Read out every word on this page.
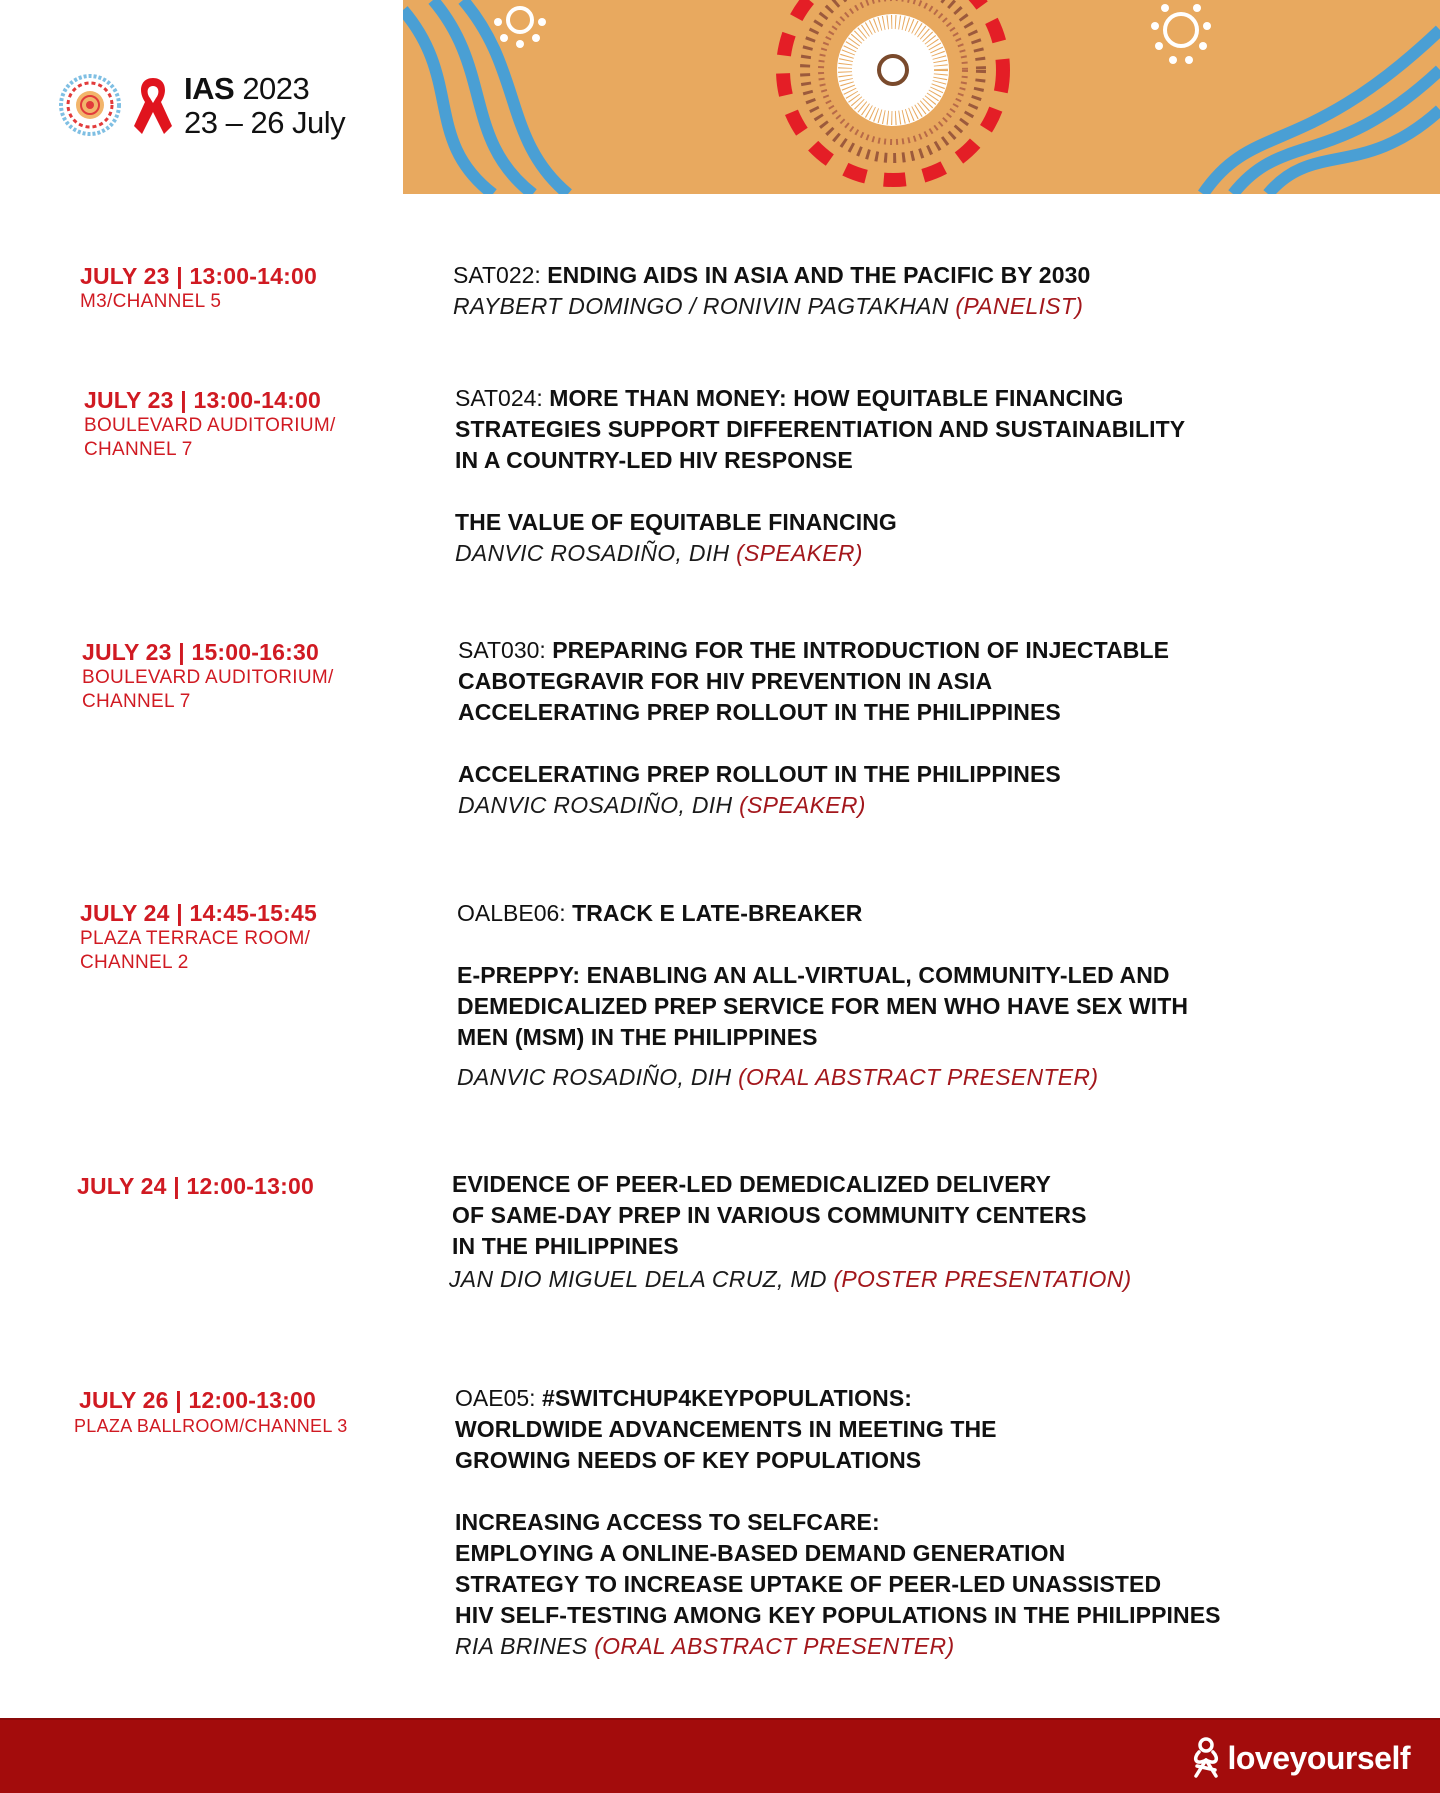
IAS 2023
23 – 26 July
JULY 23 | 13:00-14:00
M3/CHANNEL 5
SAT022: ENDING AIDS IN ASIA AND THE PACIFIC BY 2030
RAYBERT DOMINGO / RONIVIN PAGTAKHAN (PANELIST)
JULY 23 | 13:00-14:00
BOULEVARD AUDITORIUM/
CHANNEL 7
SAT024: MORE THAN MONEY: HOW EQUITABLE FINANCING
STRATEGIES SUPPORT DIFFERENTIATION AND SUSTAINABILITY
IN A COUNTRY-LED HIV RESPONSE
THE VALUE OF EQUITABLE FINANCING
DANVIC ROSADIÑO, DIH (SPEAKER)
JULY 23 | 15:00-16:30
BOULEVARD AUDITORIUM/
CHANNEL 7
SAT030: PREPARING FOR THE INTRODUCTION OF INJECTABLE
CABOTEGRAVIR FOR HIV PREVENTION IN ASIA
ACCELERATING PREP ROLLOUT IN THE PHILIPPINES
ACCELERATING PREP ROLLOUT IN THE PHILIPPINES
DANVIC ROSADIÑO, DIH (SPEAKER)
JULY 24 | 14:45-15:45
PLAZA TERRACE ROOM/
CHANNEL 2
OALBE06: TRACK E LATE-BREAKER
E-PREPPY: ENABLING AN ALL-VIRTUAL, COMMUNITY-LED AND
DEMEDICALIZED PREP SERVICE FOR MEN WHO HAVE SEX WITH
MEN (MSM) IN THE PHILIPPINES
DANVIC ROSADIÑO, DIH (ORAL ABSTRACT PRESENTER)
JULY 24 | 12:00-13:00	EVIDENCE OF PEER-LED DEMEDICALIZED DELIVERY
OF SAME-DAY PREP IN VARIOUS COMMUNITY CENTERS
IN THE PHILIPPINES
JAN DIO MIGUEL DELA CRUZ, MD (POSTER PRESENTATION)
JULY 26 | 12:00-13:00
PLAZA BALLROOM/CHANNEL 3
OAE05: #SWITCHUP4KEYPOPULATIONS:
WORLDWIDE ADVANCEMENTS IN MEETING THE
GROWING NEEDS OF KEY POPULATIONS
INCREASING ACCESS TO SELFCARE:
EMPLOYING A ONLINE-BASED DEMAND GENERATION
STRATEGY TO INCREASE UPTAKE OF PEER-LED UNASSISTED
HIV SELF-TESTING AMONG KEY POPULATIONS IN THE PHILIPPINES
RIA BRINES (ORAL ABSTRACT PRESENTER)
loveyourself
